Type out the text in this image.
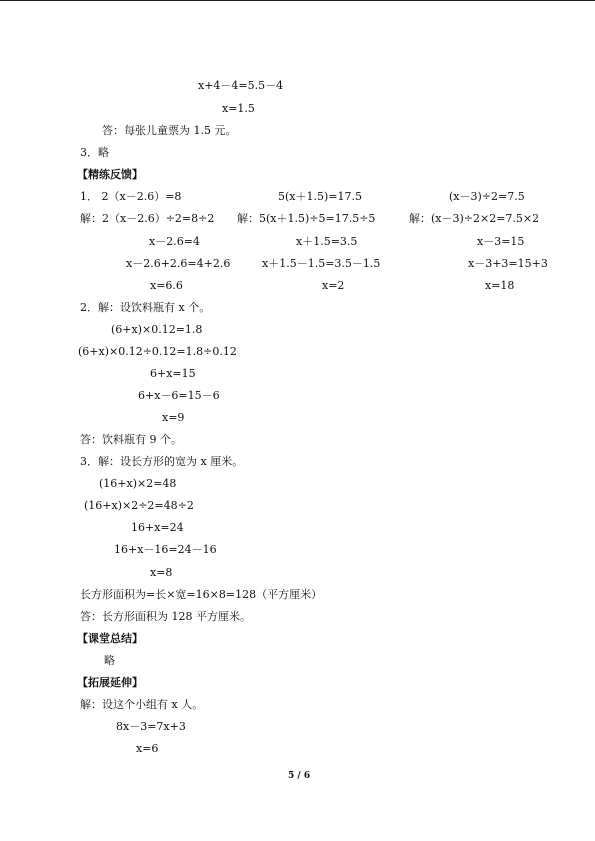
x+4－4=5.5－4
x=1.5
答：每张儿童票为 1.5 元。
3．略
【精练反馈】
1． 2（x－2.6）=8	5(x＋1.5)=17.5	(x－3)÷2=7.5
解：2（x－2.6）÷2=8÷2 解：5(x＋1.5)÷5=17.5÷5	解：(x－3)÷2×2=7.5×2
x－2.6=4	x＋1.5=3.5	x－3=15
x－2.6+2.6=4+2.6	x＋1.5－1.5=3.5－1.5	x－3+3=15+3
x=6.6	x=2	x=18
2．解：设饮料瓶有 x 个。
(6+x)×0.12=1.8
(6+x)×0.12÷0.12=1.8÷0.12
6+x=15
6+x－6=15－6
x=9
答：饮料瓶有 9 个。
3．解：设长方形的宽为 x 厘米。
(16+x)×2=48
(16+x)×2÷2=48÷2
16+x=24
16+x－16=24－16
x=8
长方形面积为=长×宽=16×8=128（平方厘米）
答：长方形面积为 128 平方厘米。
【课堂总结】
略
【拓展延伸】
解：设这个小组有 x 人。
8x－3=7x+3
x=6
5 / 6
